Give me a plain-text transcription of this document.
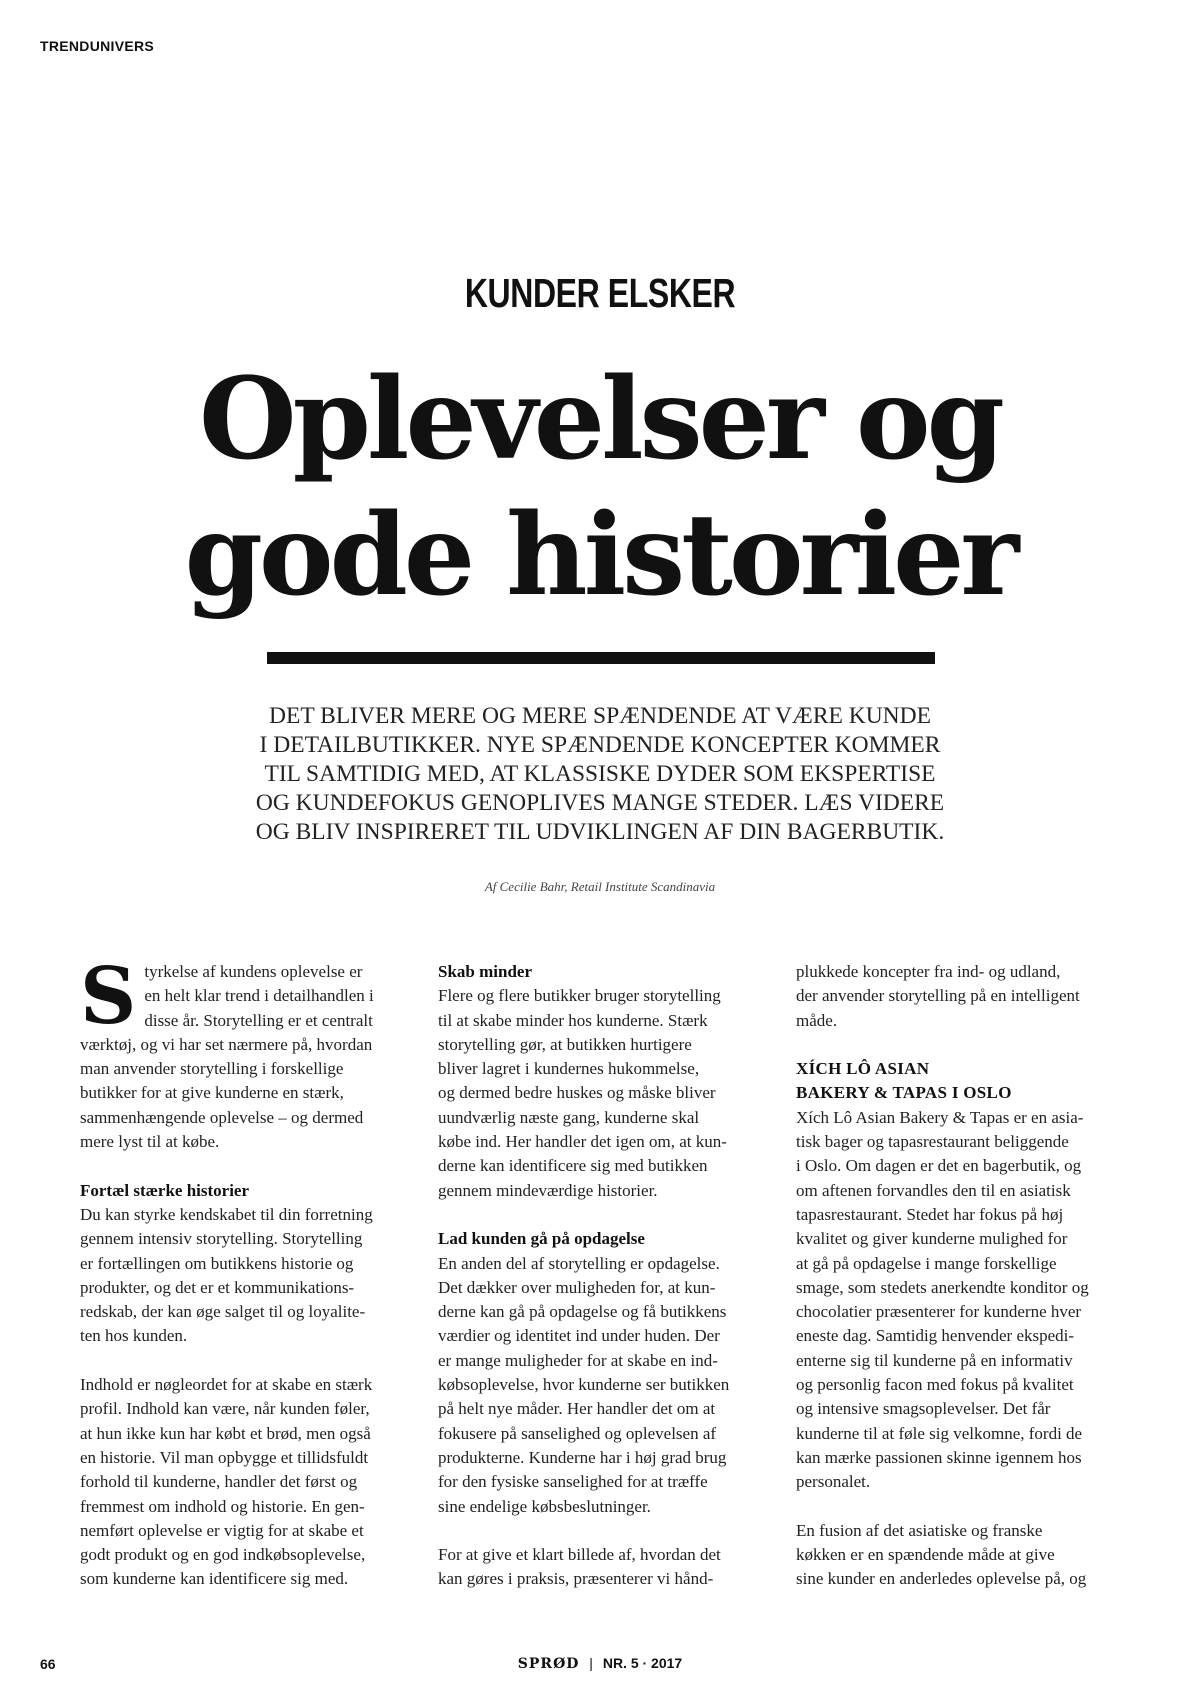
TRENDUNIVERS
KUNDER ELSKER
Oplevelser og
gode historier
DET BLIVER MERE OG MERE SPÆNDENDE AT VÆRE KUNDE
I DETAILBUTIKKER. NYE SPÆNDENDE KONCEPTER KOMMER
TIL SAMTIDIG MED, AT KLASSISKE DYDER SOM EKSPERTISE
OG KUNDEFOKUS GENOPLIVES MANGE STEDER. LÆS VIDERE
OG BLIV INSPIRERET TIL UDVIKLINGEN AF DIN BAGERBUTIK.
Af Cecilie Bahr, Retail Institute Scandinavia

S tyrkelse af kundens oplevelse er
en helt klar trend i detailhandlen i
disse år. Storytelling er et centralt
værktøj, og vi har set nærmere på, hvordan
man anvender storytelling i forskellige
butikker for at give kunderne en stærk,
sammenhængende oplevelse – og dermed
mere lyst til at købe.

Fortæl stærke historier

Du kan styrke kendskabet til din forretning
gennem intensiv storytelling. Storytelling
er fortællingen om butikkens historie og
produkter, og det er et kommunikations-
redskab, der kan øge salget til og loyalite-
ten hos kunden.

Indhold er nøgleordet for at skabe en stærk
profil. Indhold kan være, når kunden føler,
at hun ikke kun har købt et brød, men også
en historie. Vil man opbygge et tillidsfuldt
forhold til kunderne, handler det først og
fremmest om indhold og historie. En gen-
nemført oplevelse er vigtig for at skabe et
godt produkt og en god indkøbsoplevelse,
som kunderne kan identificere sig med.

Skab minder

Flere og flere butikker bruger storytelling
til at skabe minder hos kunderne. Stærk
storytelling gør, at butikken hurtigere
bliver lagret i kundernes hukommelse,
og dermed bedre huskes og måske bliver
uundværlig næste gang, kunderne skal
købe ind. Her handler det igen om, at kun-
derne kan identificere sig med butikken
gennem mindeværdige historier.

Lad kunden gå på opdagelse

En anden del af storytelling er opdagelse.
Det dækker over muligheden for, at kun-
derne kan gå på opdagelse og få butikkens
værdier og identitet ind under huden. Der
er mange muligheder for at skabe en ind-
købsoplevelse, hvor kunderne ser butikken
på helt nye måder. Her handler det om at
fokusere på sanselighed og oplevelsen af
produkterne. Kunderne har i høj grad brug
for den fysiske sanselighed for at træffe
sine endelige købsbeslutninger.

For at give et klart billede af, hvordan det
kan gøres i praksis, præsenterer vi hånd-

plukkede koncepter fra ind- og udland,
der anvender storytelling på en intelligent
måde.

XÍCH LÔ ASIAN
BAKERY & TAPAS I OSLO

Xích Lô Asian Bakery & Tapas er en asia-
tisk bager og tapasrestaurant beliggende
i Oslo. Om dagen er det en bagerbutik, og
om aftenen forvandles den til en asiatisk
tapasrestaurant. Stedet har fokus på høj
kvalitet og giver kunderne mulighed for
at gå på opdagelse i mange forskellige
smage, som stedets anerkendte konditor og
chocolatier præsenterer for kunderne hver
eneste dag. Samtidig henvender ekspedi-
enterne sig til kunderne på en informativ
og personlig facon med fokus på kvalitet
og intensive smagsoplevelser. Det får
kunderne til at føle sig velkomne, fordi de
kan mærke passionen skinne igennem hos
personalet.

En fusion af det asiatiske og franske
køkken er en spændende måde at give
sine kunder en anderledes oplevelse på, og

66	SPRØD | NR. 5 · 2017
